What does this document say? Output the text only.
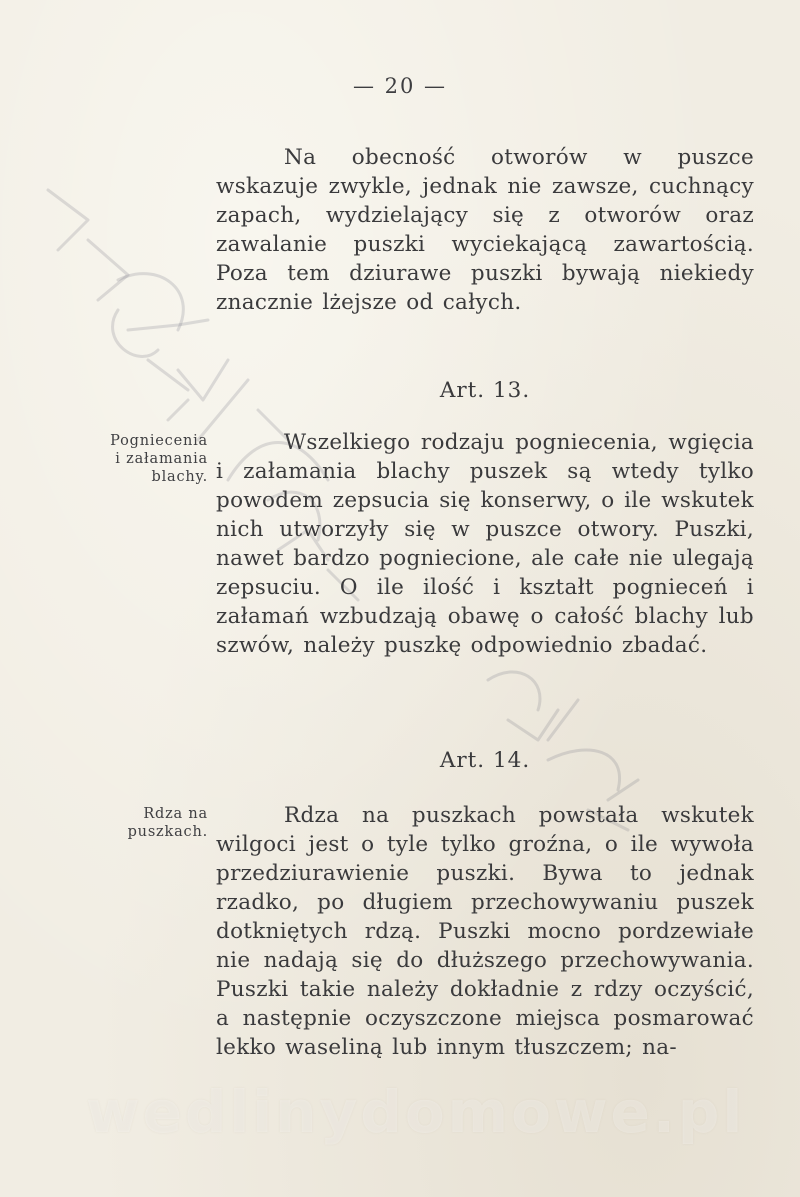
— 20 —

Na obecność otworów w puszce wskazuje zwykle, jednak nie zawsze, cuchnący zapach, wydzielający się z otworów oraz zawalanie puszki wyciekającą zawartością. Poza tem dziurawe puszki bywają niekiedy znacznie lżejsze od całych.

Art. 13.
Pogniecenia
i załamania
blachy.

Wszelkiego rodzaju pogniecenia, wgięcia i załamania blachy puszek są wtedy tylko powodem zepsucia się konserwy, o ile wskutek nich utworzyły się w puszce otwory. Puszki, nawet bardzo pogniecione, ale całe nie ulegają zepsuciu. O ile ilość i kształt pognieceń i załamań wzbudzają obawę o całość blachy lub szwów, należy puszkę odpowiednio zbadać.

Art. 14.
Rdza na
puszkach.

Rdza na puszkach powstała wskutek wilgoci jest o tyle tylko groźna, o ile wywoła przedziurawienie puszki. Bywa to jednak rzadko, po długiem przechowywaniu puszek dotkniętych rdzą. Puszki mocno pordzewiałe nie nadają się do dłuższego przechowywania. Puszki takie należy dokładnie z rdzy oczyścić, a następnie oczyszczone miejsca posmarować lekko waseliną lub innym tłuszczem; na-

wedlinydomowe.pl
